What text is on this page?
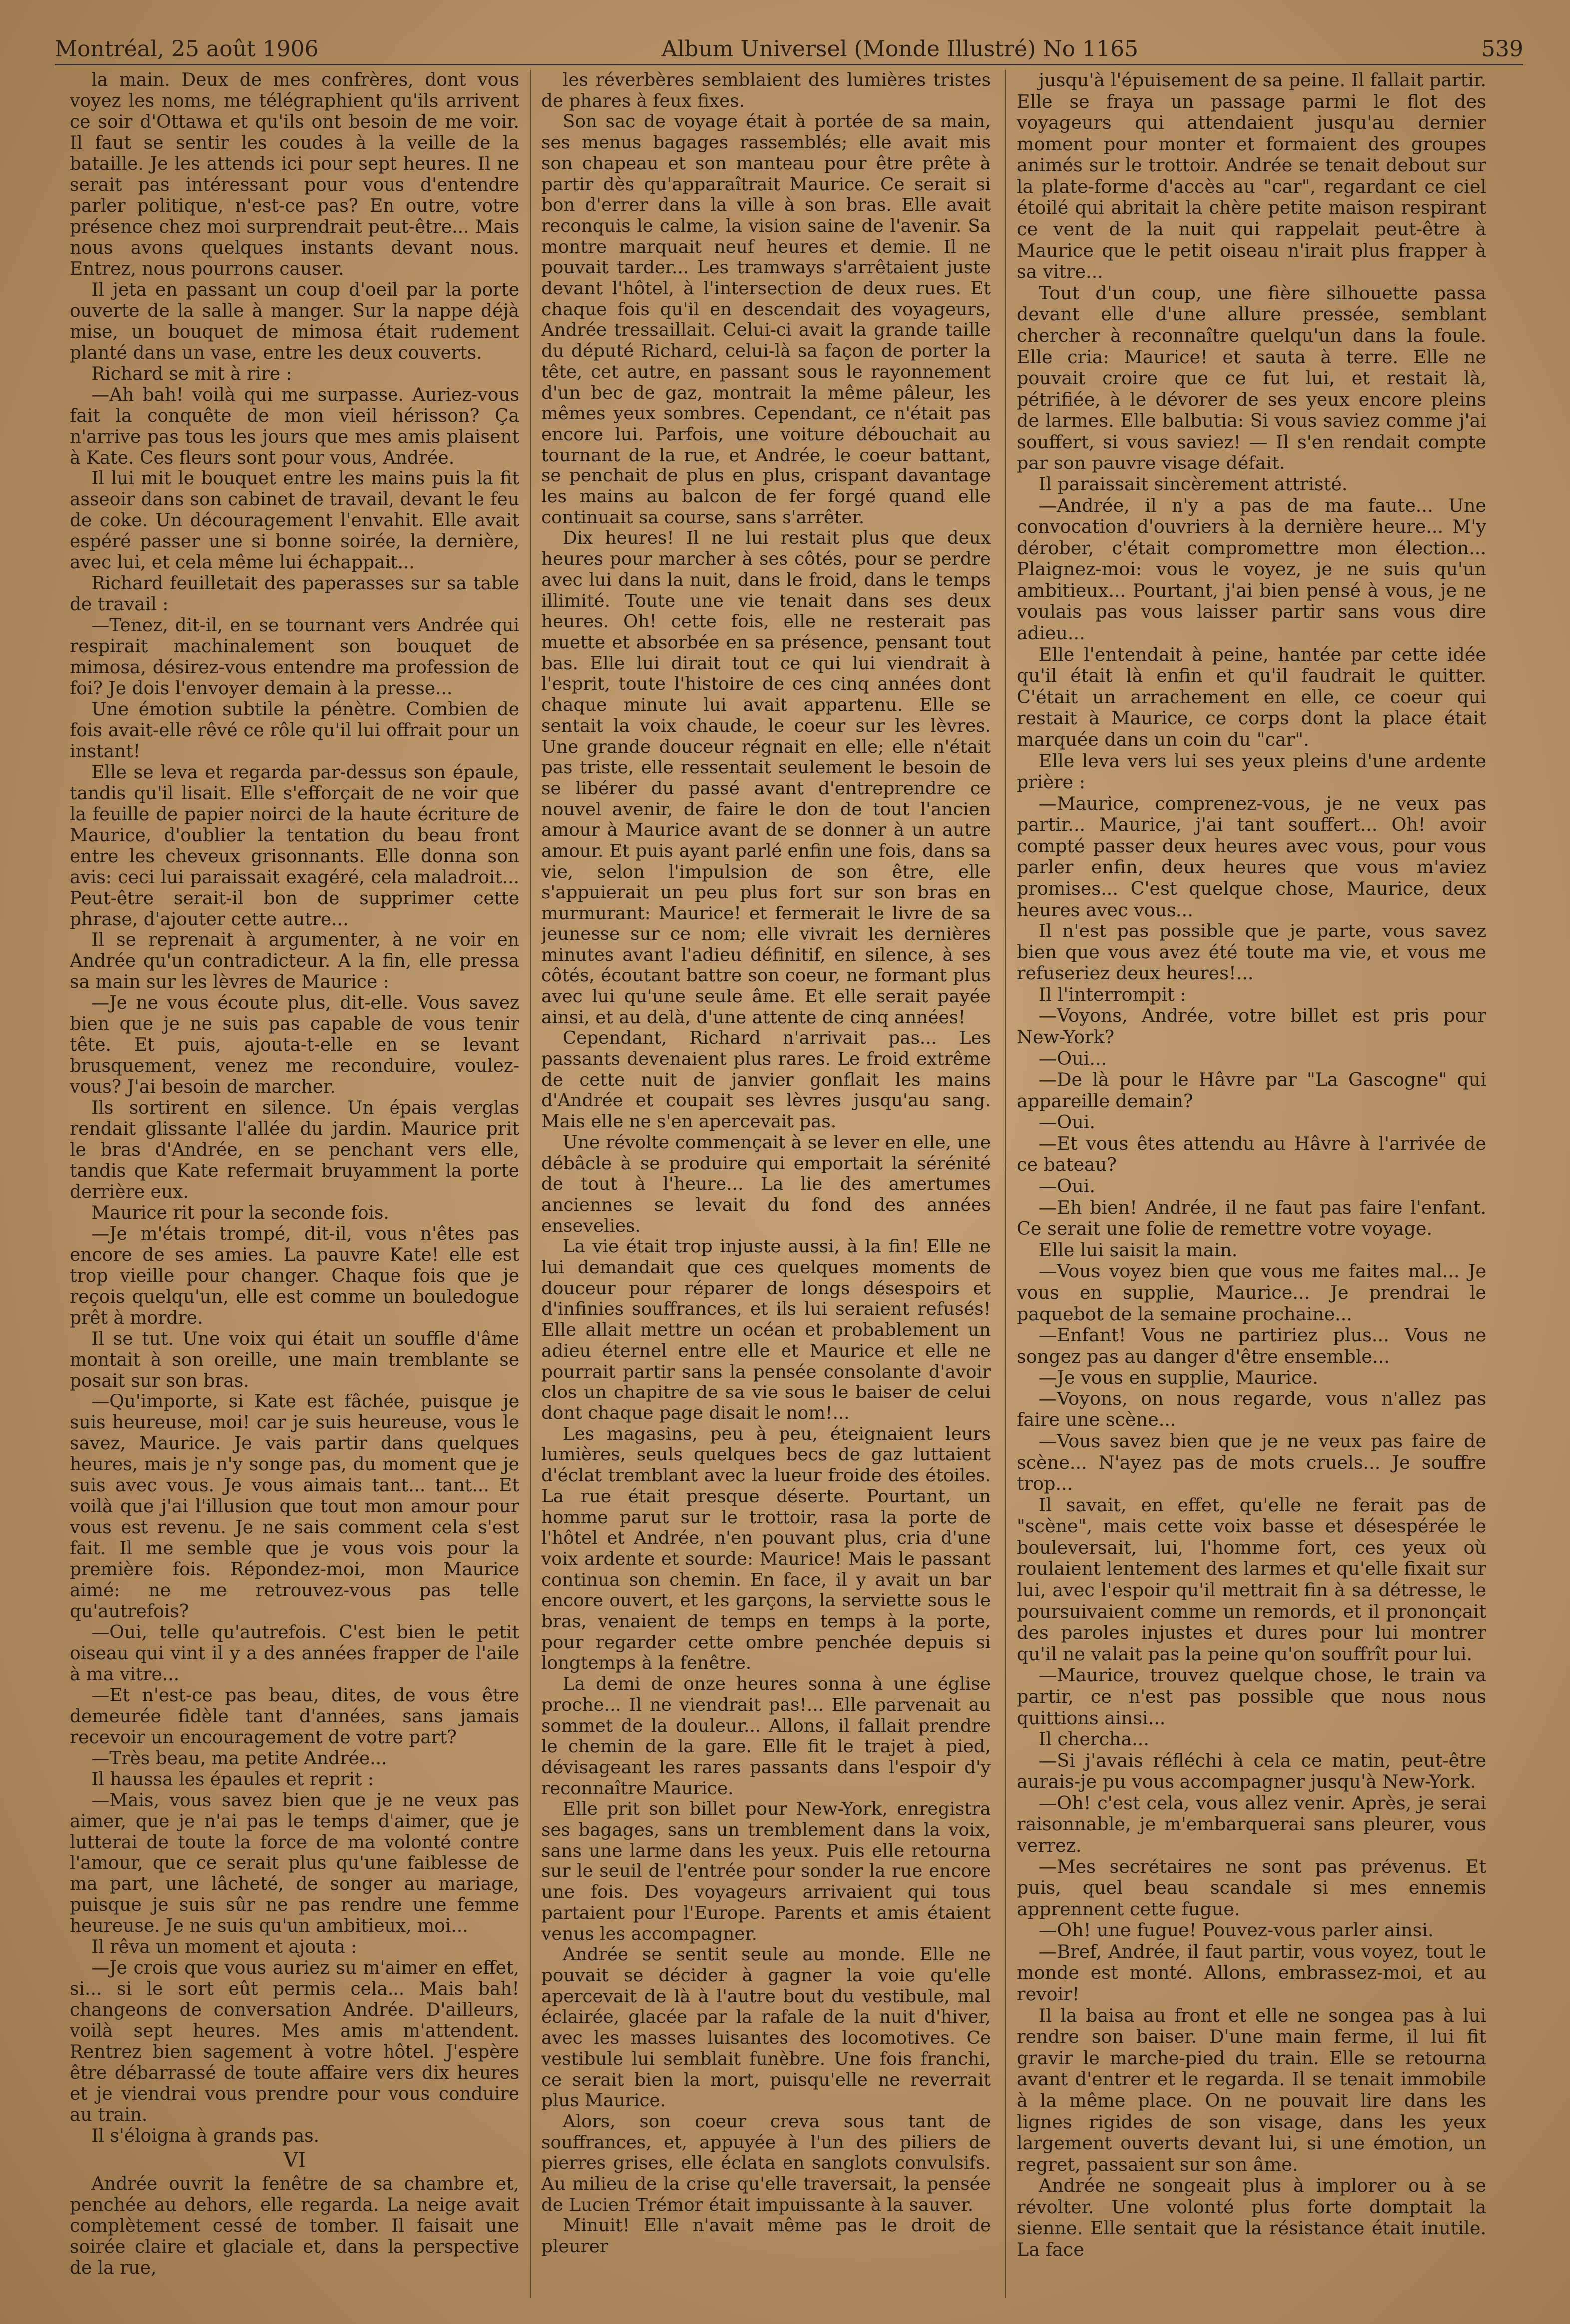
Montréal, 25 août 1906	Album Universel (Monde Illustré) No 1165	539

la main. Deux de mes confrères, dont vous voyez les noms, me télégraphient qu'ils arrivent ce soir d'Ottawa et qu'ils ont besoin de me voir. Il faut se sentir les coudes à la veille de la bataille. Je les attends ici pour sept heures. Il ne serait pas intéressant pour vous d'entendre parler politique, n'est-ce pas? En outre, votre présence chez moi surprendrait peut-être... Mais nous avons quelques instants devant nous. Entrez, nous pourrons causer.

Il jeta en passant un coup d'oeil par la porte ouverte de la salle à manger. Sur la nappe déjà mise, un bouquet de mimosa était rudement planté dans un vase, entre les deux couverts.

Richard se mit à rire :

—Ah bah! voilà qui me surpasse. Auriez-vous fait la conquête de mon vieil hérisson? Ça n'arrive pas tous les jours que mes amis plaisent à Kate. Ces fleurs sont pour vous, Andrée.

Il lui mit le bouquet entre les mains puis la fit asseoir dans son cabinet de travail, devant le feu de coke. Un découragement l'envahit. Elle avait espéré passer une si bonne soirée, la dernière, avec lui, et cela même lui échappait...

Richard feuilletait des paperasses sur sa table de travail :

—Tenez, dit-il, en se tournant vers Andrée qui respirait machinalement son bouquet de mimosa, désirez-vous entendre ma profession de foi? Je dois l'envoyer demain à la presse...

Une émotion subtile la pénètre. Combien de fois avait-elle rêvé ce rôle qu'il lui offrait pour un instant!

Elle se leva et regarda par-dessus son épaule, tandis qu'il lisait. Elle s'efforçait de ne voir que la feuille de papier noirci de la haute écriture de Maurice, d'oublier la tentation du beau front entre les cheveux grisonnants. Elle donna son avis: ceci lui paraissait exagéré, cela maladroit... Peut-être serait-il bon de supprimer cette phrase, d'ajouter cette autre...

Il se reprenait à argumenter, à ne voir en Andrée qu'un contradicteur. A la fin, elle pressa sa main sur les lèvres de Maurice :

—Je ne vous écoute plus, dit-elle. Vous savez bien que je ne suis pas capable de vous tenir tête. Et puis, ajouta-t-elle en se levant brusquement, venez me reconduire, voulez-vous? J'ai besoin de marcher.

Ils sortirent en silence. Un épais verglas rendait glissante l'allée du jardin. Maurice prit le bras d'Andrée, en se penchant vers elle, tandis que Kate refermait bruyamment la porte derrière eux.

Maurice rit pour la seconde fois.

—Je m'étais trompé, dit-il, vous n'êtes pas encore de ses amies. La pauvre Kate! elle est trop vieille pour changer. Chaque fois que je reçois quelqu'un, elle est comme un bouledogue prêt à mordre.

Il se tut. Une voix qui était un souffle d'âme montait à son oreille, une main tremblante se posait sur son bras.

—Qu'importe, si Kate est fâchée, puisque je suis heureuse, moi! car je suis heureuse, vous le savez, Maurice. Je vais partir dans quelques heures, mais je n'y songe pas, du moment que je suis avec vous. Je vous aimais tant... tant... Et voilà que j'ai l'illusion que tout mon amour pour vous est revenu. Je ne sais comment cela s'est fait. Il me semble que je vous vois pour la première fois. Répondez-moi, mon Maurice aimé: ne me retrouvez-vous pas telle qu'autrefois?

—Oui, telle qu'autrefois. C'est bien le petit oiseau qui vint il y a des années frapper de l'aile à ma vitre...

—Et n'est-ce pas beau, dites, de vous être demeurée fidèle tant d'années, sans jamais recevoir un encouragement de votre part?

—Très beau, ma petite Andrée...

Il haussa les épaules et reprit :

—Mais, vous savez bien que je ne veux pas aimer, que je n'ai pas le temps d'aimer, que je lutterai de toute la force de ma volonté contre l'amour, que ce serait plus qu'une faiblesse de ma part, une lâcheté, de songer au mariage, puisque je suis sûr ne pas rendre une femme heureuse. Je ne suis qu'un ambitieux, moi...

Il rêva un moment et ajouta :

—Je crois que vous auriez su m'aimer en effet, si... si le sort eût permis cela... Mais bah! changeons de conversation Andrée. D'ailleurs, voilà sept heures. Mes amis m'attendent. Rentrez bien sagement à votre hôtel. J'espère être débarrassé de toute affaire vers dix heures et je viendrai vous prendre pour vous conduire au train.

Il s'éloigna à grands pas.

VI

Andrée ouvrit la fenêtre de sa chambre et, penchée au dehors, elle regarda. La neige avait complètement cessé de tomber. Il faisait une soirée claire et glaciale et, dans la perspective de la rue,

les réverbères semblaient des lumières tristes de phares à feux fixes.

Son sac de voyage était à portée de sa main, ses menus bagages rassemblés; elle avait mis son chapeau et son manteau pour être prête à partir dès qu'apparaîtrait Maurice. Ce serait si bon d'errer dans la ville à son bras. Elle avait reconquis le calme, la vision saine de l'avenir. Sa montre marquait neuf heures et demie. Il ne pouvait tarder... Les tramways s'arrêtaient juste devant l'hôtel, à l'intersection de deux rues. Et chaque fois qu'il en descendait des voyageurs, Andrée tressaillait. Celui-ci avait la grande taille du député Richard, celui-là sa façon de porter la tête, cet autre, en passant sous le rayonnement d'un bec de gaz, montrait la même pâleur, les mêmes yeux sombres. Cependant, ce n'était pas encore lui. Parfois, une voiture débouchait au tournant de la rue, et Andrée, le coeur battant, se penchait de plus en plus, crispant davantage les mains au balcon de fer forgé quand elle continuait sa course, sans s'arrêter.

Dix heures! Il ne lui restait plus que deux heures pour marcher à ses côtés, pour se perdre avec lui dans la nuit, dans le froid, dans le temps illimité. Toute une vie tenait dans ses deux heures. Oh! cette fois, elle ne resterait pas muette et absorbée en sa présence, pensant tout bas. Elle lui dirait tout ce qui lui viendrait à l'esprit, toute l'histoire de ces cinq années dont chaque minute lui avait appartenu. Elle se sentait la voix chaude, le coeur sur les lèvres. Une grande douceur régnait en elle; elle n'était pas triste, elle ressentait seulement le besoin de se libérer du passé avant d'entreprendre ce nouvel avenir, de faire le don de tout l'ancien amour à Maurice avant de se donner à un autre amour. Et puis ayant parlé enfin une fois, dans sa vie, selon l'impulsion de son être, elle s'appuierait un peu plus fort sur son bras en murmurant: Maurice! et fermerait le livre de sa jeunesse sur ce nom; elle vivrait les dernières minutes avant l'adieu définitif, en silence, à ses côtés, écoutant battre son coeur, ne formant plus avec lui qu'une seule âme. Et elle serait payée ainsi, et au delà, d'une attente de cinq années!

Cependant, Richard n'arrivait pas... Les passants devenaient plus rares. Le froid extrême de cette nuit de janvier gonflait les mains d'Andrée et coupait ses lèvres jusqu'au sang. Mais elle ne s'en apercevait pas.

Une révolte commençait à se lever en elle, une débâcle à se produire qui emportait la sérénité de tout à l'heure... La lie des amertumes anciennes se levait du fond des années ensevelies.

La vie était trop injuste aussi, à la fin! Elle ne lui demandait que ces quelques moments de douceur pour réparer de longs désespoirs et d'infinies souffrances, et ils lui seraient refusés! Elle allait mettre un océan et probablement un adieu éternel entre elle et Maurice et elle ne pourrait partir sans la pensée consolante d'avoir clos un chapitre de sa vie sous le baiser de celui dont chaque page disait le nom!...

Les magasins, peu à peu, éteignaient leurs lumières, seuls quelques becs de gaz luttaient d'éclat tremblant avec la lueur froide des étoiles. La rue était presque déserte. Pourtant, un homme parut sur le trottoir, rasa la porte de l'hôtel et Andrée, n'en pouvant plus, cria d'une voix ardente et sourde: Maurice! Mais le passant continua son chemin. En face, il y avait un bar encore ouvert, et les garçons, la serviette sous le bras, venaient de temps en temps à la porte, pour regarder cette ombre penchée depuis si longtemps à la fenêtre.

La demi de onze heures sonna à une église proche... Il ne viendrait pas!... Elle parvenait au sommet de la douleur... Allons, il fallait prendre le chemin de la gare. Elle fit le trajet à pied, dévisageant les rares passants dans l'espoir d'y reconnaître Maurice.

Elle prit son billet pour New-York, enregistra ses bagages, sans un tremblement dans la voix, sans une larme dans les yeux. Puis elle retourna sur le seuil de l'entrée pour sonder la rue encore une fois. Des voyageurs arrivaient qui tous partaient pour l'Europe. Parents et amis étaient venus les accompagner.

Andrée se sentit seule au monde. Elle ne pouvait se décider à gagner la voie qu'elle apercevait de là à l'autre bout du vestibule, mal éclairée, glacée par la rafale de la nuit d'hiver, avec les masses luisantes des locomotives. Ce vestibule lui semblait funèbre. Une fois franchi, ce serait bien la mort, puisqu'elle ne reverrait plus Maurice.

Alors, son coeur creva sous tant de souffrances, et, appuyée à l'un des piliers de pierres grises, elle éclata en sanglots convulsifs. Au milieu de la crise qu'elle traversait, la pensée de Lucien Trémor était impuissante à la sauver.

Minuit! Elle n'avait même pas le droit de pleurer

jusqu'à l'épuisement de sa peine. Il fallait partir. Elle se fraya un passage parmi le flot des voyageurs qui attendaient jusqu'au dernier moment pour monter et formaient des groupes animés sur le trottoir. Andrée se tenait debout sur la plate-forme d'accès au "car", regardant ce ciel étoilé qui abritait la chère petite maison respirant ce vent de la nuit qui rappelait peut-être à Maurice que le petit oiseau n'irait plus frapper à sa vitre...

Tout d'un coup, une fière silhouette passa devant elle d'une allure pressée, semblant chercher à reconnaître quelqu'un dans la foule. Elle cria: Maurice! et sauta à terre. Elle ne pouvait croire que ce fut lui, et restait là, pétrifiée, à le dévorer de ses yeux encore pleins de larmes. Elle balbutia: Si vous saviez comme j'ai souffert, si vous saviez! — Il s'en rendait compte par son pauvre visage défait.

Il paraissait sincèrement attristé.

—Andrée, il n'y a pas de ma faute... Une convocation d'ouvriers à la dernière heure... M'y dérober, c'était compromettre mon élection... Plaignez-moi: vous le voyez, je ne suis qu'un ambitieux... Pourtant, j'ai bien pensé à vous, je ne voulais pas vous laisser partir sans vous dire adieu...

Elle l'entendait à peine, hantée par cette idée qu'il était là enfin et qu'il faudrait le quitter. C'était un arrachement en elle, ce coeur qui restait à Maurice, ce corps dont la place était marquée dans un coin du "car".

Elle leva vers lui ses yeux pleins d'une ardente prière :

—Maurice, comprenez-vous, je ne veux pas partir... Maurice, j'ai tant souffert... Oh! avoir compté passer deux heures avec vous, pour vous parler enfin, deux heures que vous m'aviez promises... C'est quelque chose, Maurice, deux heures avec vous...

Il n'est pas possible que je parte, vous savez bien que vous avez été toute ma vie, et vous me refuseriez deux heures!...

Il l'interrompit :

—Voyons, Andrée, votre billet est pris pour New-York?

—Oui...

—De là pour le Hâvre par "La Gascogne" qui appareille demain?

—Oui.

—Et vous êtes attendu au Hâvre à l'arrivée de ce bateau?

—Oui.

—Eh bien! Andrée, il ne faut pas faire l'enfant. Ce serait une folie de remettre votre voyage.

Elle lui saisit la main.

—Vous voyez bien que vous me faites mal... Je vous en supplie, Maurice... Je prendrai le paquebot de la semaine prochaine...

—Enfant! Vous ne partiriez plus... Vous ne songez pas au danger d'être ensemble...

—Je vous en supplie, Maurice.

—Voyons, on nous regarde, vous n'allez pas faire une scène...

—Vous savez bien que je ne veux pas faire de scène... N'ayez pas de mots cruels... Je souffre trop...

Il savait, en effet, qu'elle ne ferait pas de "scène", mais cette voix basse et désespérée le bouleversait, lui, l'homme fort, ces yeux où roulaient lentement des larmes et qu'elle fixait sur lui, avec l'espoir qu'il mettrait fin à sa détresse, le poursuivaient comme un remords, et il prononçait des paroles injustes et dures pour lui montrer qu'il ne valait pas la peine qu'on souffrît pour lui.

—Maurice, trouvez quelque chose, le train va partir, ce n'est pas possible que nous nous quittions ainsi...

Il chercha...

—Si j'avais réfléchi à cela ce matin, peut-être aurais-je pu vous accompagner jusqu'à New-York.

—Oh! c'est cela, vous allez venir. Après, je serai raisonnable, je m'embarquerai sans pleurer, vous verrez.

—Mes secrétaires ne sont pas prévenus. Et puis, quel beau scandale si mes ennemis apprennent cette fugue.

—Oh! une fugue! Pouvez-vous parler ainsi.

—Bref, Andrée, il faut partir, vous voyez, tout le monde est monté. Allons, embrassez-moi, et au revoir!

Il la baisa au front et elle ne songea pas à lui rendre son baiser. D'une main ferme, il lui fit gravir le marche-pied du train. Elle se retourna avant d'entrer et le regarda. Il se tenait immobile à la même place. On ne pouvait lire dans les lignes rigides de son visage, dans les yeux largement ouverts devant lui, si une émotion, un regret, passaient sur son âme.

Andrée ne songeait plus à implorer ou à se révolter. Une volonté plus forte domptait la sienne. Elle sentait que la résistance était inutile. La face
